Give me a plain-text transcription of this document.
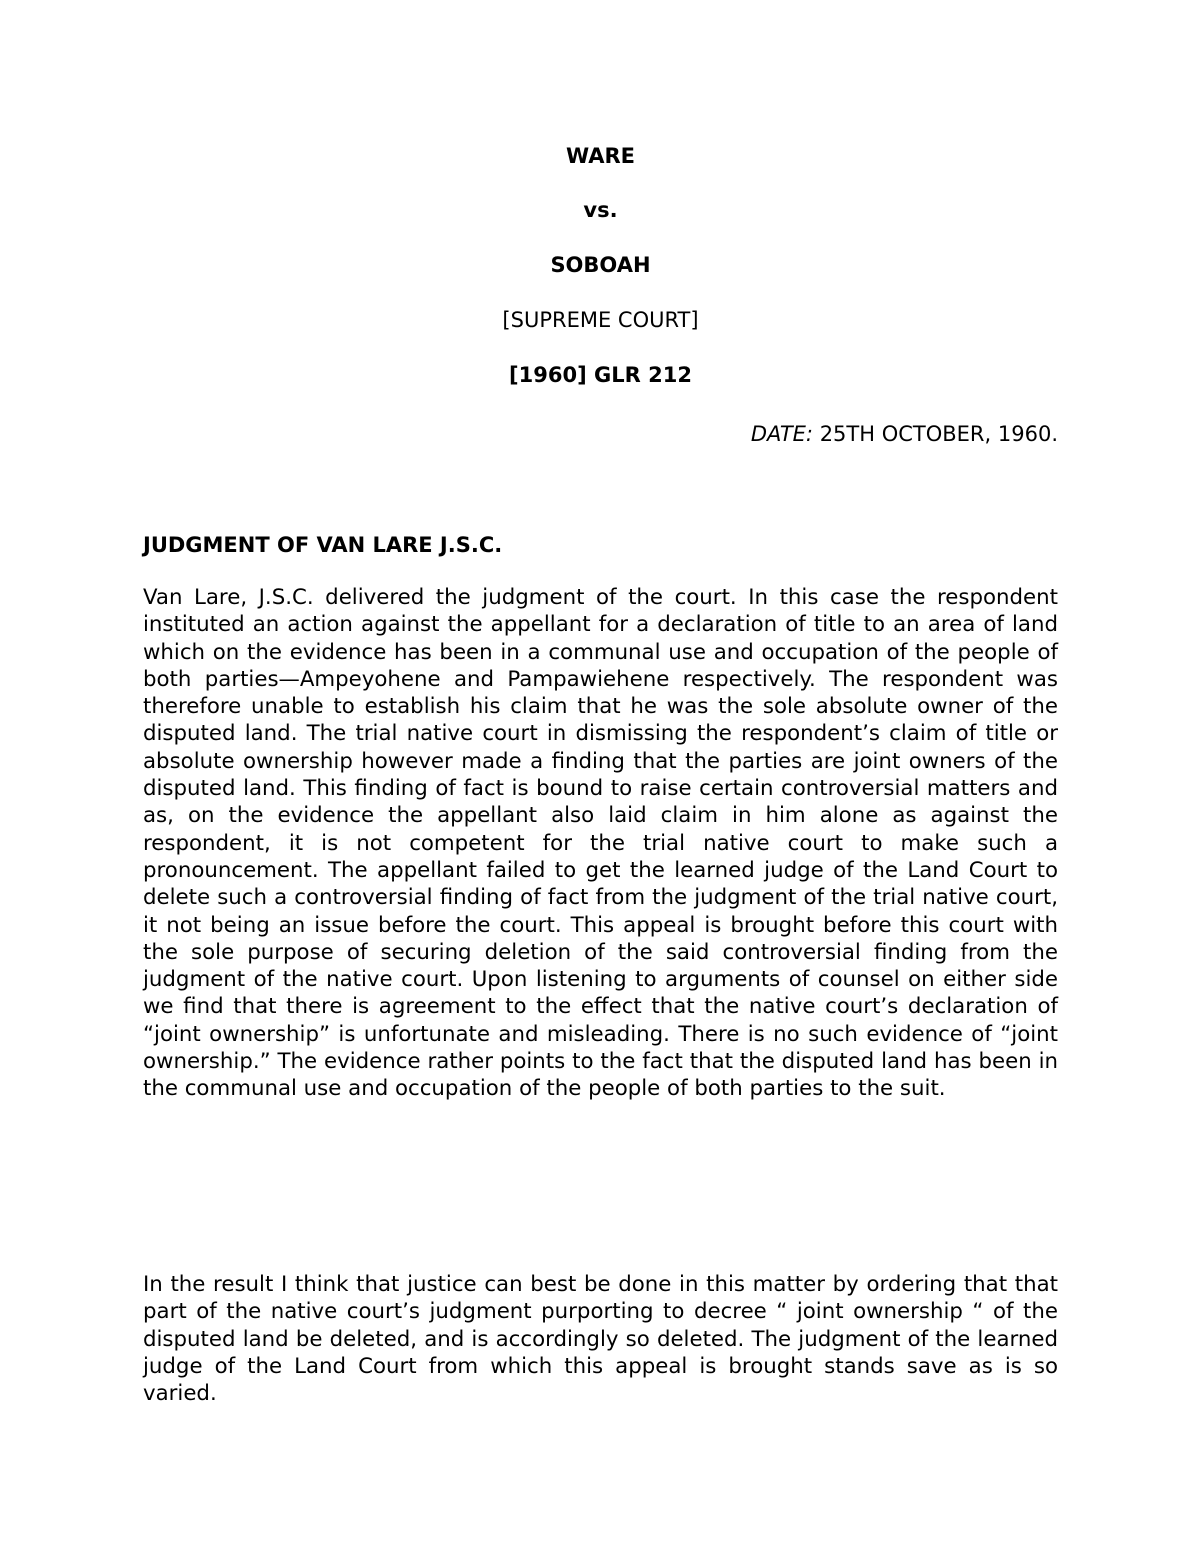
WARE
vs.
SOBOAH
[SUPREME COURT]
[1960] GLR 212
DATE: 25TH OCTOBER, 1960.
JUDGMENT OF VAN LARE J.S.C.

Van Lare, J.S.C. delivered the judgment of the court. In this case the respondent instituted an action against the appellant for a declaration of title to an area of land which on the evidence has been in a communal use and occupation of the people of both parties—Ampeyohene and Pampawiehene respectively. The respondent was therefore unable to establish his claim that he was the sole absolute owner of the disputed land. The trial native court in dismissing the respondent’s claim of title or absolute ownership however made a finding that the parties are joint owners of the disputed land. This finding of fact is bound to raise certain controversial matters and as, on the evidence the appellant also laid claim in him alone as against the respondent, it is not competent for the trial native court to make such a pronouncement. The appellant failed to get the learned judge of the Land Court to delete such a controversial finding of fact from the judgment of the trial native court, it not being an issue before the court. This appeal is brought before this court with the sole purpose of securing deletion of the said controversial finding from the judgment of the native court. Upon listening to arguments of counsel on either side we find that there is agreement to the effect that the native court’s declaration of “joint ownership” is unfortunate and misleading. There is no such evidence of “joint ownership.” The evidence rather points to the fact that the disputed land has been in the communal use and occupation of the people of both parties to the suit.

In the result I think that justice can best be done in this matter by ordering that that part of the native court’s judgment purporting to decree “ joint ownership “ of the disputed land be deleted, and is accordingly so deleted. The judgment of the learned judge of the Land Court from which this appeal is brought stands save as is so varied.
